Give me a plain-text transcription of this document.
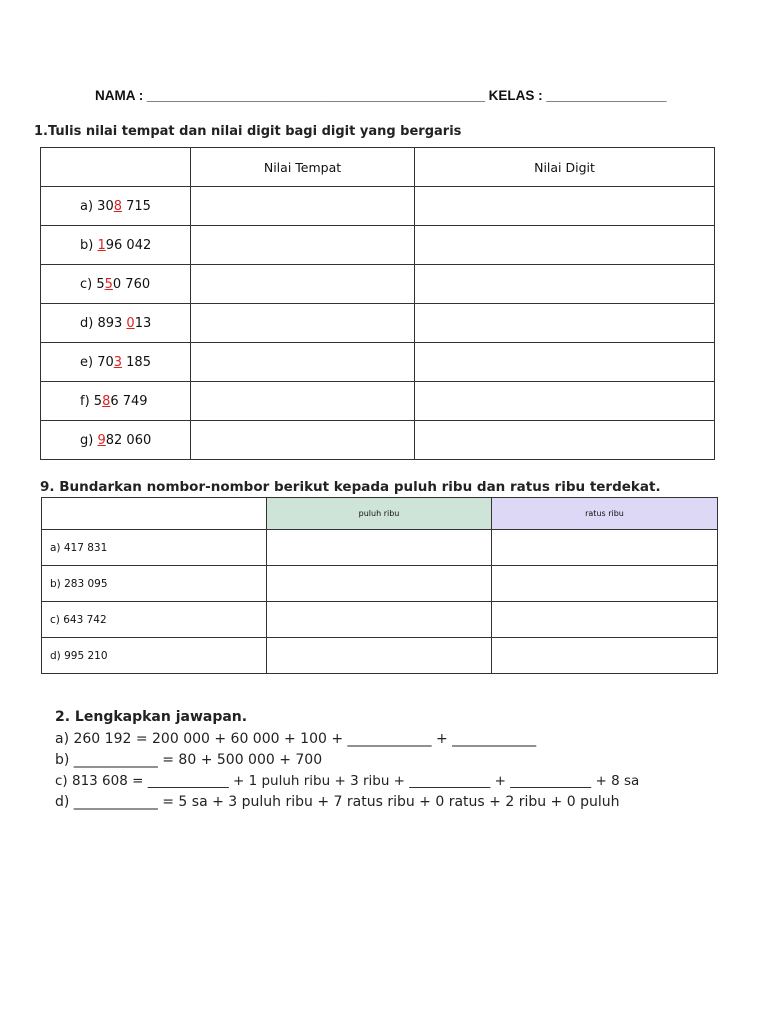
NAMA : _____________________________________________ KELAS : ________________
1.Tulis nilai tempat dan nilai digit bagi digit yang bergaris
	Nilai Tempat	Nilai Digit
a) 308 715		
b) 196 042		
c) 550 760		
d) 893 013		
e) 703 185		
f) 586 749		
g) 982 060		
9. Bundarkan nombor-nombor berikut kepada puluh ribu dan ratus ribu terdekat.
	puluh ribu	ratus ribu
a) 417 831		
b) 283 095		
c) 643 742		
d) 995 210		
2. Lengkapkan jawapan.
a) 260 192 = 200 000 + 60 000 + 100 + ____________ + ____________
b) ____________ = 80 + 500 000 + 700
c) 813 608 = ____________ + 1 puluh ribu + 3 ribu + ____________ + ____________ + 8 sa
d) ____________ = 5 sa + 3 puluh ribu + 7 ratus ribu + 0 ratus + 2 ribu + 0 puluh
